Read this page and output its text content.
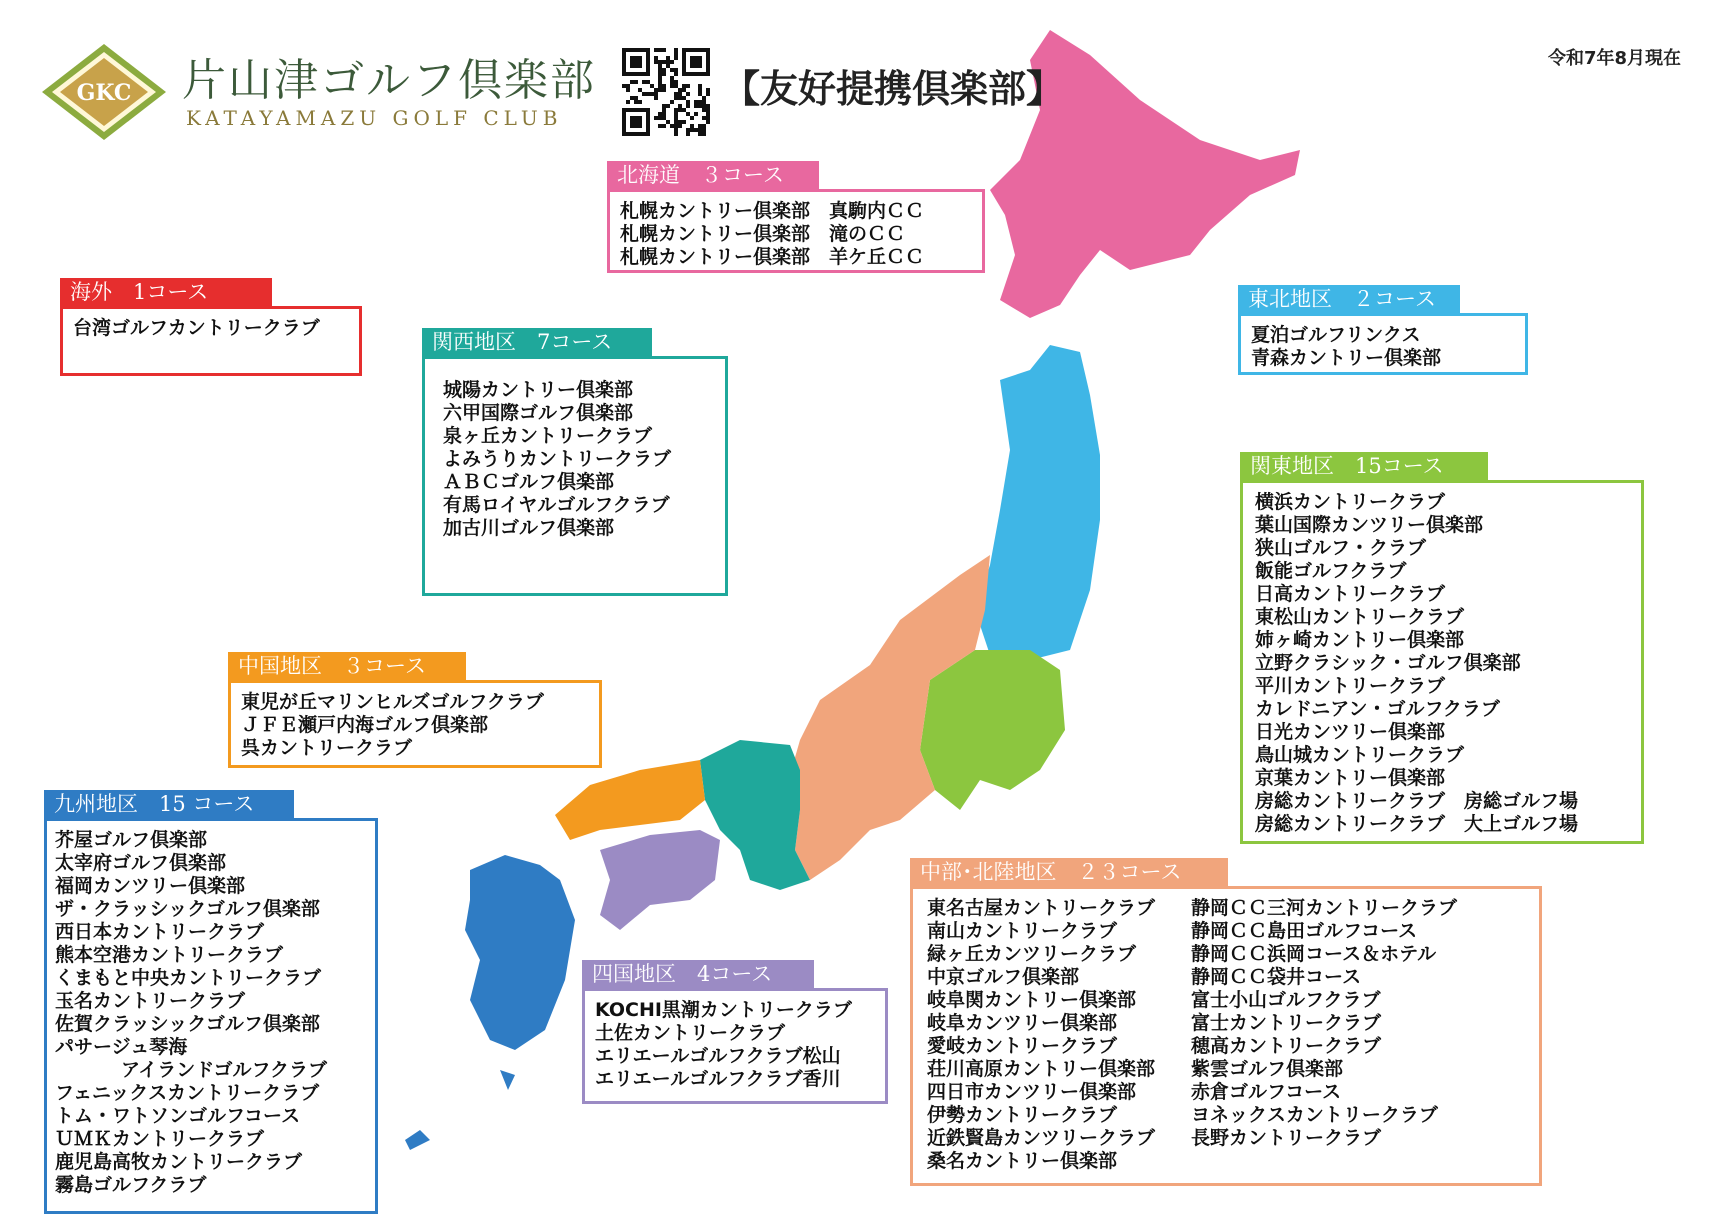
GKC 片山津ゴルフ倶楽部
KATAYAMAZU GOLF CLUB
【友好提携倶楽部】
令和7年8月現在
北海道　３コース
札幌カントリー倶楽部　真駒内ＣＣ
札幌カントリー倶楽部　滝のＣＣ
札幌カントリー倶楽部　羊ケ丘ＣＣ
海外　1コース
台湾ゴルフカントリークラブ
東北地区　２コース
夏泊ゴルフリンクス
青森カントリー倶楽部
関西地区　7コース
城陽カントリー倶楽部
六甲国際ゴルフ倶楽部
泉ヶ丘カントリークラブ
よみうりカントリークラブ
ＡＢＣゴルフ倶楽部
有馬ロイヤルゴルフクラブ
加古川ゴルフ倶楽部
関東地区　15コース
横浜カントリークラブ
葉山国際カンツリー倶楽部
狭山ゴルフ・クラブ
飯能ゴルフクラブ
日高カントリークラブ
東松山カントリークラブ
姉ヶ崎カントリー倶楽部
立野クラシック・ゴルフ倶楽部
平川カントリークラブ
カレドニアン・ゴルフクラブ
日光カンツリー倶楽部
鳥山城カントリークラブ
京葉カントリー倶楽部
房総カントリークラブ　房総ゴルフ場
房総カントリークラブ　大上ゴルフ場
中国地区　３コース
東児が丘マリンヒルズゴルフクラブ
ＪＦＥ瀬戸内海ゴルフ倶楽部
呉カントリークラブ
九州地区　15 コース
芥屋ゴルフ倶楽部
太宰府ゴルフ倶楽部
福岡カンツリー倶楽部
ザ・クラッシックゴルフ倶楽部
西日本カントリークラブ
熊本空港カントリークラブ
くまもと中央カントリークラブ
玉名カントリークラブ
佐賀クラッシックゴルフ倶楽部
パサージュ琴海
アイランドゴルフクラブ
フェニックスカントリークラブ
トム・ワトソンゴルフコース
ＵＭＫカントリークラブ
鹿児島高牧カントリークラブ
霧島ゴルフクラブ
四国地区　4コース
KOCHI黒潮カントリークラブ
土佐カントリークラブ
エリエールゴルフクラブ松山
エリエールゴルフクラブ香川
中部･北陸地区　２３コース
東名古屋カントリークラブ
南山カントリークラブ
緑ヶ丘カンツリークラブ
中京ゴルフ倶楽部
岐阜関カントリー倶楽部
岐阜カンツリー倶楽部
愛岐カントリークラブ
荘川高原カントリー倶楽部
四日市カンツリー倶楽部
伊勢カントリークラブ
近鉄賢島カンツリークラブ
桑名カントリー倶楽部
静岡ＣＣ三河カントリークラブ
静岡ＣＣ島田ゴルフコース
静岡ＣＣ浜岡コース＆ホテル
静岡ＣＣ袋井コース
富士小山ゴルフクラブ
富士カントリークラブ
穂高カントリークラブ
紫雲ゴルフ倶楽部
赤倉ゴルフコース
ヨネックスカントリークラブ
長野カントリークラブ
